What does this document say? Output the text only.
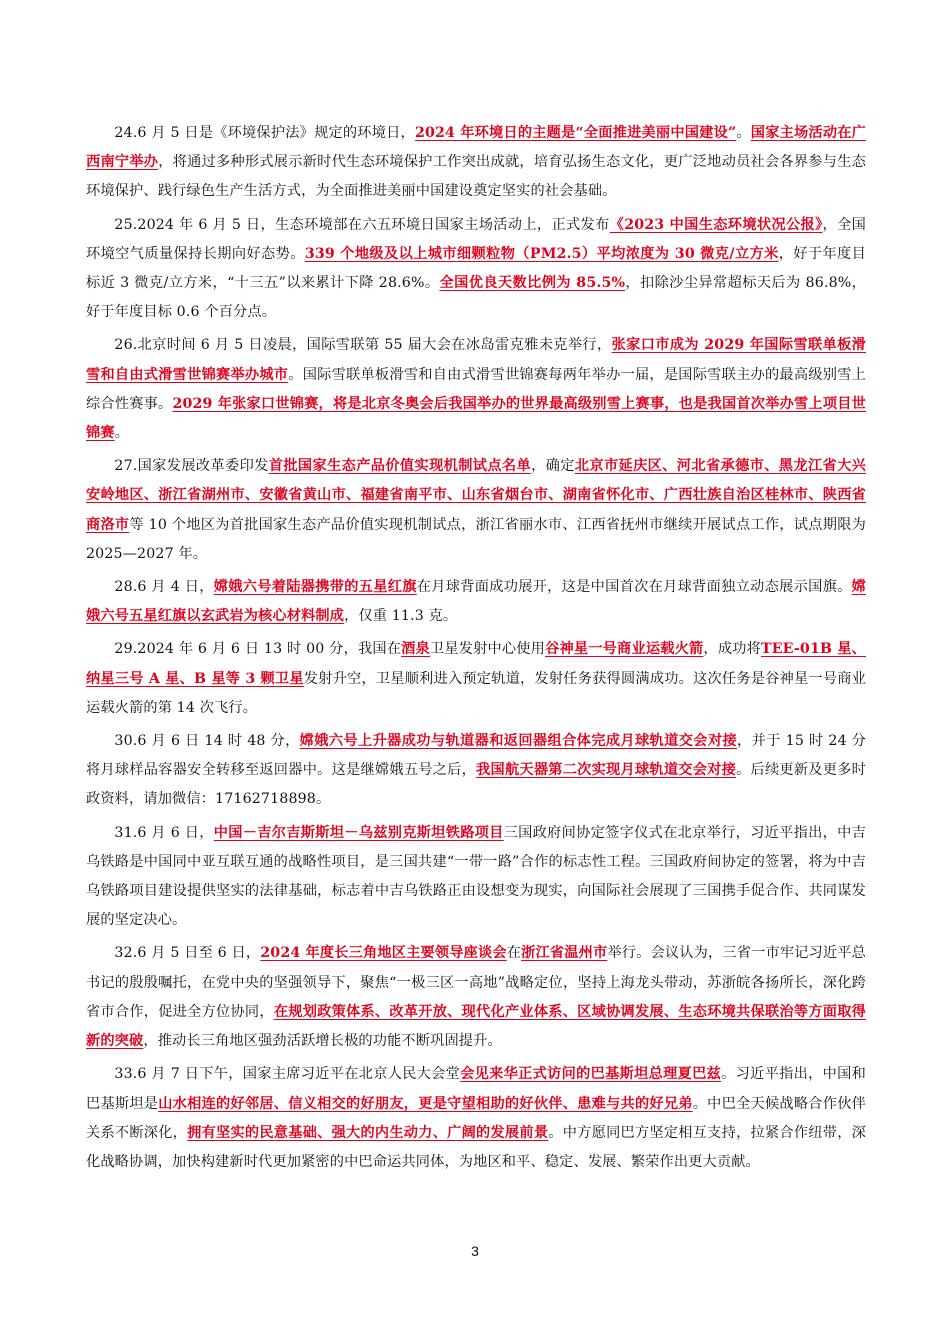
24.6 月 5 日是《环境保护法》规定的环境日，2024 年环境日的主题是“全面推进美丽中国建设”。国家主场活动在广西南宁举办，将通过多种形式展示新时代生态环境保护工作突出成就，培育弘扬生态文化，更广泛地动员社会各界参与生态环境保护、践行绿色生产生活方式，为全面推进美丽中国建设奠定坚实的社会基础。

25.2024 年 6 月 5 日，生态环境部在六五环境日国家主场活动上，正式发布《2023 中国生态环境状况公报》，全国环境空气质量保持长期向好态势。339 个地级及以上城市细颗粒物（PM2.5）平均浓度为 30 微克/立方米，好于年度目标近 3 微克/立方米，“十三五”以来累计下降 28.6%。全国优良天数比例为 85.5%，扣除沙尘异常超标天后为 86.8%，好于年度目标 0.6 个百分点。

26.北京时间 6 月 5 日凌晨，国际雪联第 55 届大会在冰岛雷克雅未克举行，张家口市成为 2029 年国际雪联单板滑雪和自由式滑雪世锦赛举办城市。国际雪联单板滑雪和自由式滑雪世锦赛每两年举办一届，是国际雪联主办的最高级别雪上综合性赛事。2029 年张家口世锦赛，将是北京冬奥会后我国举办的世界最高级别雪上赛事，也是我国首次举办雪上项目世锦赛。

27.国家发展改革委印发首批国家生态产品价值实现机制试点名单，确定北京市延庆区、河北省承德市、黑龙江省大兴安岭地区、浙江省湖州市、安徽省黄山市、福建省南平市、山东省烟台市、湖南省怀化市、广西壮族自治区桂林市、陕西省商洛市等 10 个地区为首批国家生态产品价值实现机制试点，浙江省丽水市、江西省抚州市继续开展试点工作，试点期限为 2025—2027 年。

28.6 月 4 日，嫦娥六号着陆器携带的五星红旗在月球背面成功展开，这是中国首次在月球背面独立动态展示国旗。嫦娥六号五星红旗以玄武岩为核心材料制成，仅重 11.3 克。

29.2024 年 6 月 6 日 13 时 00 分，我国在酒泉卫星发射中心使用谷神星一号商业运载火箭，成功将TEE-01B 星、纳星三号 A 星、B 星等 3 颗卫星发射升空，卫星顺利进入预定轨道，发射任务获得圆满成功。这次任务是谷神星一号商业运载火箭的第 14 次飞行。

30.6 月 6 日 14 时 48 分，嫦娥六号上升器成功与轨道器和返回器组合体完成月球轨道交会对接，并于 15 时 24 分将月球样品容器安全转移至返回器中。这是继嫦娥五号之后，我国航天器第二次实现月球轨道交会对接。后续更新及更多时政资料，请加微信：17162718898。

31.6 月 6 日，中国－吉尔吉斯斯坦－乌兹别克斯坦铁路项目三国政府间协定签字仪式在北京举行，习近平指出，中吉乌铁路是中国同中亚互联互通的战略性项目，是三国共建“一带一路”合作的标志性工程。三国政府间协定的签署，将为中吉乌铁路项目建设提供坚实的法律基础，标志着中吉乌铁路正由设想变为现实，向国际社会展现了三国携手促合作、共同谋发展的坚定决心。

32.6 月 5 日至 6 日，2024 年度长三角地区主要领导座谈会在浙江省温州市举行。会议认为，三省一市牢记习近平总书记的殷殷嘱托，在党中央的坚强领导下，聚焦“一极三区一高地”战略定位，坚持上海龙头带动，苏浙皖各扬所长，深化跨省市合作，促进全方位协同，在规划政策体系、改革开放、现代化产业体系、区域协调发展、生态环境共保联治等方面取得新的突破，推动长三角地区强劲活跃增长极的功能不断巩固提升。

33.6 月 7 日下午，国家主席习近平在北京人民大会堂会见来华正式访问的巴基斯坦总理夏巴兹。习近平指出，中国和巴基斯坦是山水相连的好邻居、信义相交的好朋友，更是守望相助的好伙伴、患难与共的好兄弟。中巴全天候战略合作伙伴关系不断深化，拥有坚实的民意基础、强大的内生动力、广阔的发展前景。中方愿同巴方坚定相互支持，拉紧合作纽带，深化战略协调，加快构建新时代更加紧密的中巴命运共同体，为地区和平、稳定、发展、繁荣作出更大贡献。

3
